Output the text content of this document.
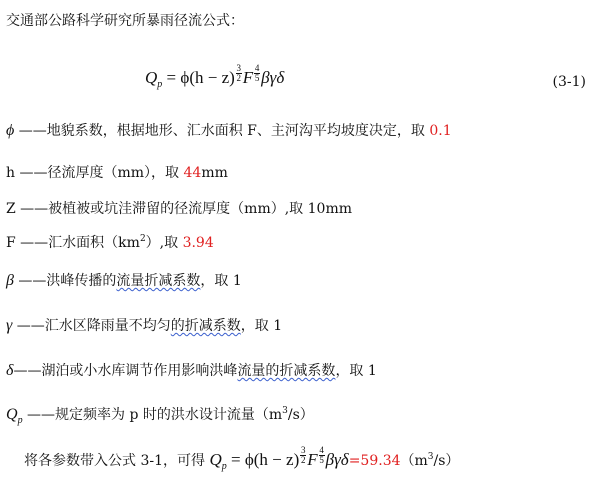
交通部公路科学研究所暴雨径流公式：
$Q_p = \phi(h - z) \frac{3}{2}$ F $\frac{4}{5}$ βγδ	(3-1)
ϕ ——地貌系数，根据地形、汇水面积 F、主河沟平均坡度决定，取 0.1
h ——径流厚度（mm），取 44mm
Z ——被植被或坑洼滞留的径流厚度（mm）,取 10mm
F ——汇水面积$(km^2)$,取 3.94
β ——洪峰传播的流量折减系数，取 1
γ ——汇水区降雨量不均匀的折减系数，取 1
δ——湖泊或小水库调节作用影响洪峰流量的折减系数，取 1
$Q_p$ ——规定频率为 p 时的洪水设计流量$(m^3/s)$
将各参数带入公式 3-1，可得 $Q_p = \phi(h - z) \frac{3}{2}$ F $\frac{4}{5} \beta\gamma\delta=59.34(m^3/s)$
